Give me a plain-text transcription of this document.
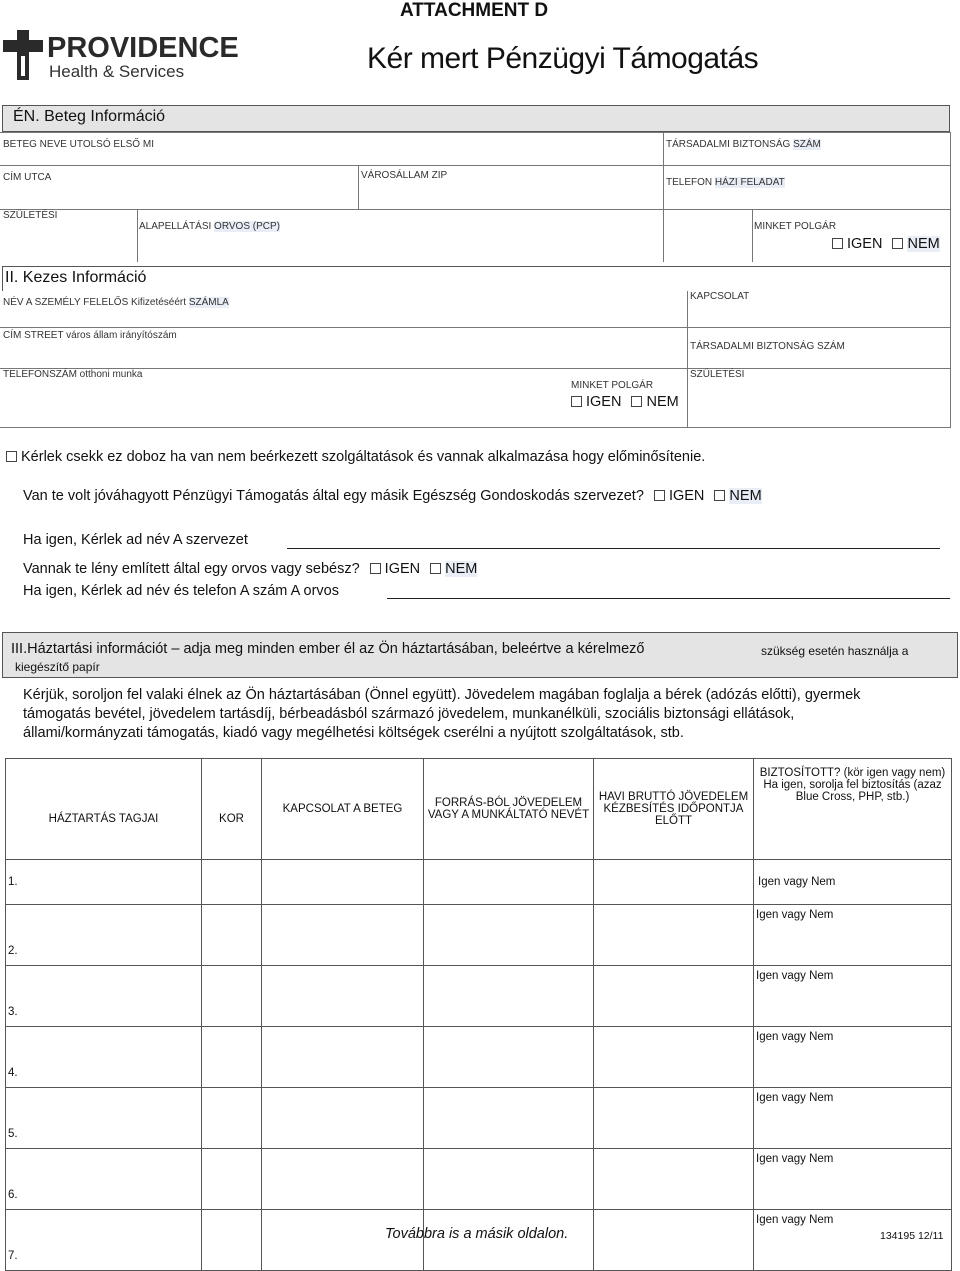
ATTACHMENT D
PROVIDENCE
Health & Services	Kér mert Pénzügyi Támogatás
ÉN. Beteg Információ
BETEG NEVE UTOLSÓ ELSŐ MI	TÁRSADALMI BIZTONSÁG SZÁM
CÍM UTCA	VÁROSÁLLAM ZIP
TELEFON HÁZI FELADAT
SZÜLETÉSI
ALAPELLÁTÁSI ORVOS (PCP)	MINKET POLGÁR
IGEN NEM
II. Kezes Információ
NÉV A SZEMÉLY FELELŐS Kifizetéséért SZÁMLA
KAPCSOLAT
CÍM STREET város állam irányítószám
TÁRSADALMI BIZTONSÁG SZÁM
TELEFONSZÁM otthoni munka
MINKET POLGÁR
IGEN NEM
SZÜLETÉSI
Kérlek csekk ez doboz ha van nem beérkezett szolgáltatások és vannak alkalmazása hogy előminősítenie.
Van te volt jóváhagyott Pénzügyi Támogatás által egy másik Egészség Gondoskodás szervezet? IGEN NEM
Ha igen, Kérlek ad név A szervezet
Vannak te lény említett által egy orvos vagy sebész? IGEN NEM
Ha igen, Kérlek ad név és telefon A szám A orvos
III.Háztartási információt – adja meg minden ember él az Ön háztartásában, beleértve a kérelmező	szükség esetén használja a
kiegészítő papír
Kérjük, soroljon fel valaki élnek az Ön háztartásában (Önnel együtt). Jövedelem magában foglalja a bérek (adózás előtti), gyermek támogatás bevétel, jövedelem tartásdíj, bérbeadásból származó jövedelem, munkanélküli, szociális biztonsági ellátások, állami/kormányzati támogatás, kiadó vagy megélhetési költségek cserélni a nyújtott szolgáltatások, stb.
HÁZTARTÁS TAGJAI	KOR	KAPCSOLAT A BETEG	FORRÁS-BÓL JÖVEDELEM VAGY A MUNKÁLTATÓ NEVÉT	HAVI BRUTTÓ JÖVEDELEM KÉZBESÍTÉS IDŐPONTJA ELŐTT	BIZTOSÍTOTT? (kör igen vagy nem) Ha igen, sorolja fel biztosítás (azaz Blue Cross, PHP, stb.)
1.					Igen vagy Nem
2.					Igen vagy Nem
3.					Igen vagy Nem
4.					Igen vagy Nem
5.					Igen vagy Nem
6.					Igen vagy Nem
7.					Igen vagy Nem
Továbbra is a másik oldalon.	134195 12/11
